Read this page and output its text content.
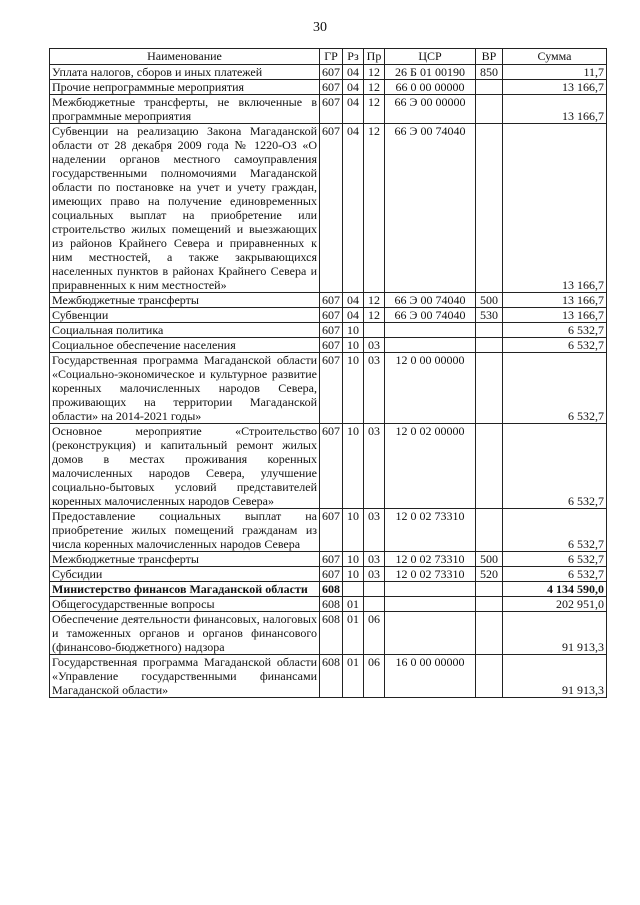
30
Наименование	ГР	Рз	Пр	ЦСР	ВР	Сумма
Уплата налогов, сборов и иных платежей	607	04	12	26 Б 01 00190	850	11,7
Прочие непрограммные мероприятия	607	04	12	66 0 00 00000		13 166,7
Межбюджетные трансферты, не включенные в программные мероприятия	607	04	12	66 Э 00 00000		13 166,7
Субвенции на реализацию Закона Магаданской области от 28 декабря 2009 года № 1220-ОЗ «О наделении органов местного самоуправления государственными полномочиями Магаданской области по постановке на учет и учету граждан, имеющих право на получение единовременных социальных выплат на приобретение или строительство жилых помещений и выезжающих из районов Крайнего Севера и приравненных к ним местностей, а также закрывающихся населенных пунктов в районах Крайнего Севера и приравненных к ним местностей»	607	04	12	66 Э 00 74040		13 166,7
Межбюджетные трансферты	607	04	12	66 Э 00 74040	500	13 166,7
Субвенции	607	04	12	66 Э 00 74040	530	13 166,7
Социальная политика	607	10				6 532,7
Социальное обеспечение населения	607	10	03			6 532,7
Государственная программа Магаданской области «Социально-экономическое и культурное развитие коренных малочисленных народов Севера, проживающих на территории Магаданской области» на 2014-2021 годы»	607	10	03	12 0 00 00000		6 532,7
Основное мероприятие «Строительство (реконструкция) и капитальный ремонт жилых домов в местах проживания коренных малочисленных народов Севера, улучшение социально-бытовых условий представителей коренных малочисленных народов Севера»	607	10	03	12 0 02 00000		6 532,7
Предоставление социальных выплат на приобретение жилых помещений гражданам из числа коренных малочисленных народов Севера	607	10	03	12 0 02 73310		6 532,7
Межбюджетные трансферты	607	10	03	12 0 02 73310	500	6 532,7
Субсидии	607	10	03	12 0 02 73310	520	6 532,7
Министерство финансов Магаданской области	608					4 134 590,0
Общегосударственные вопросы	608	01				202 951,0
Обеспечение деятельности финансовых, налоговых и таможенных органов и органов финансового (финансово-бюджетного) надзора	608	01	06			91 913,3
Государственная программа Магаданской области «Управление государственными финансами Магаданской области»	608	01	06	16 0 00 00000		91 913,3
